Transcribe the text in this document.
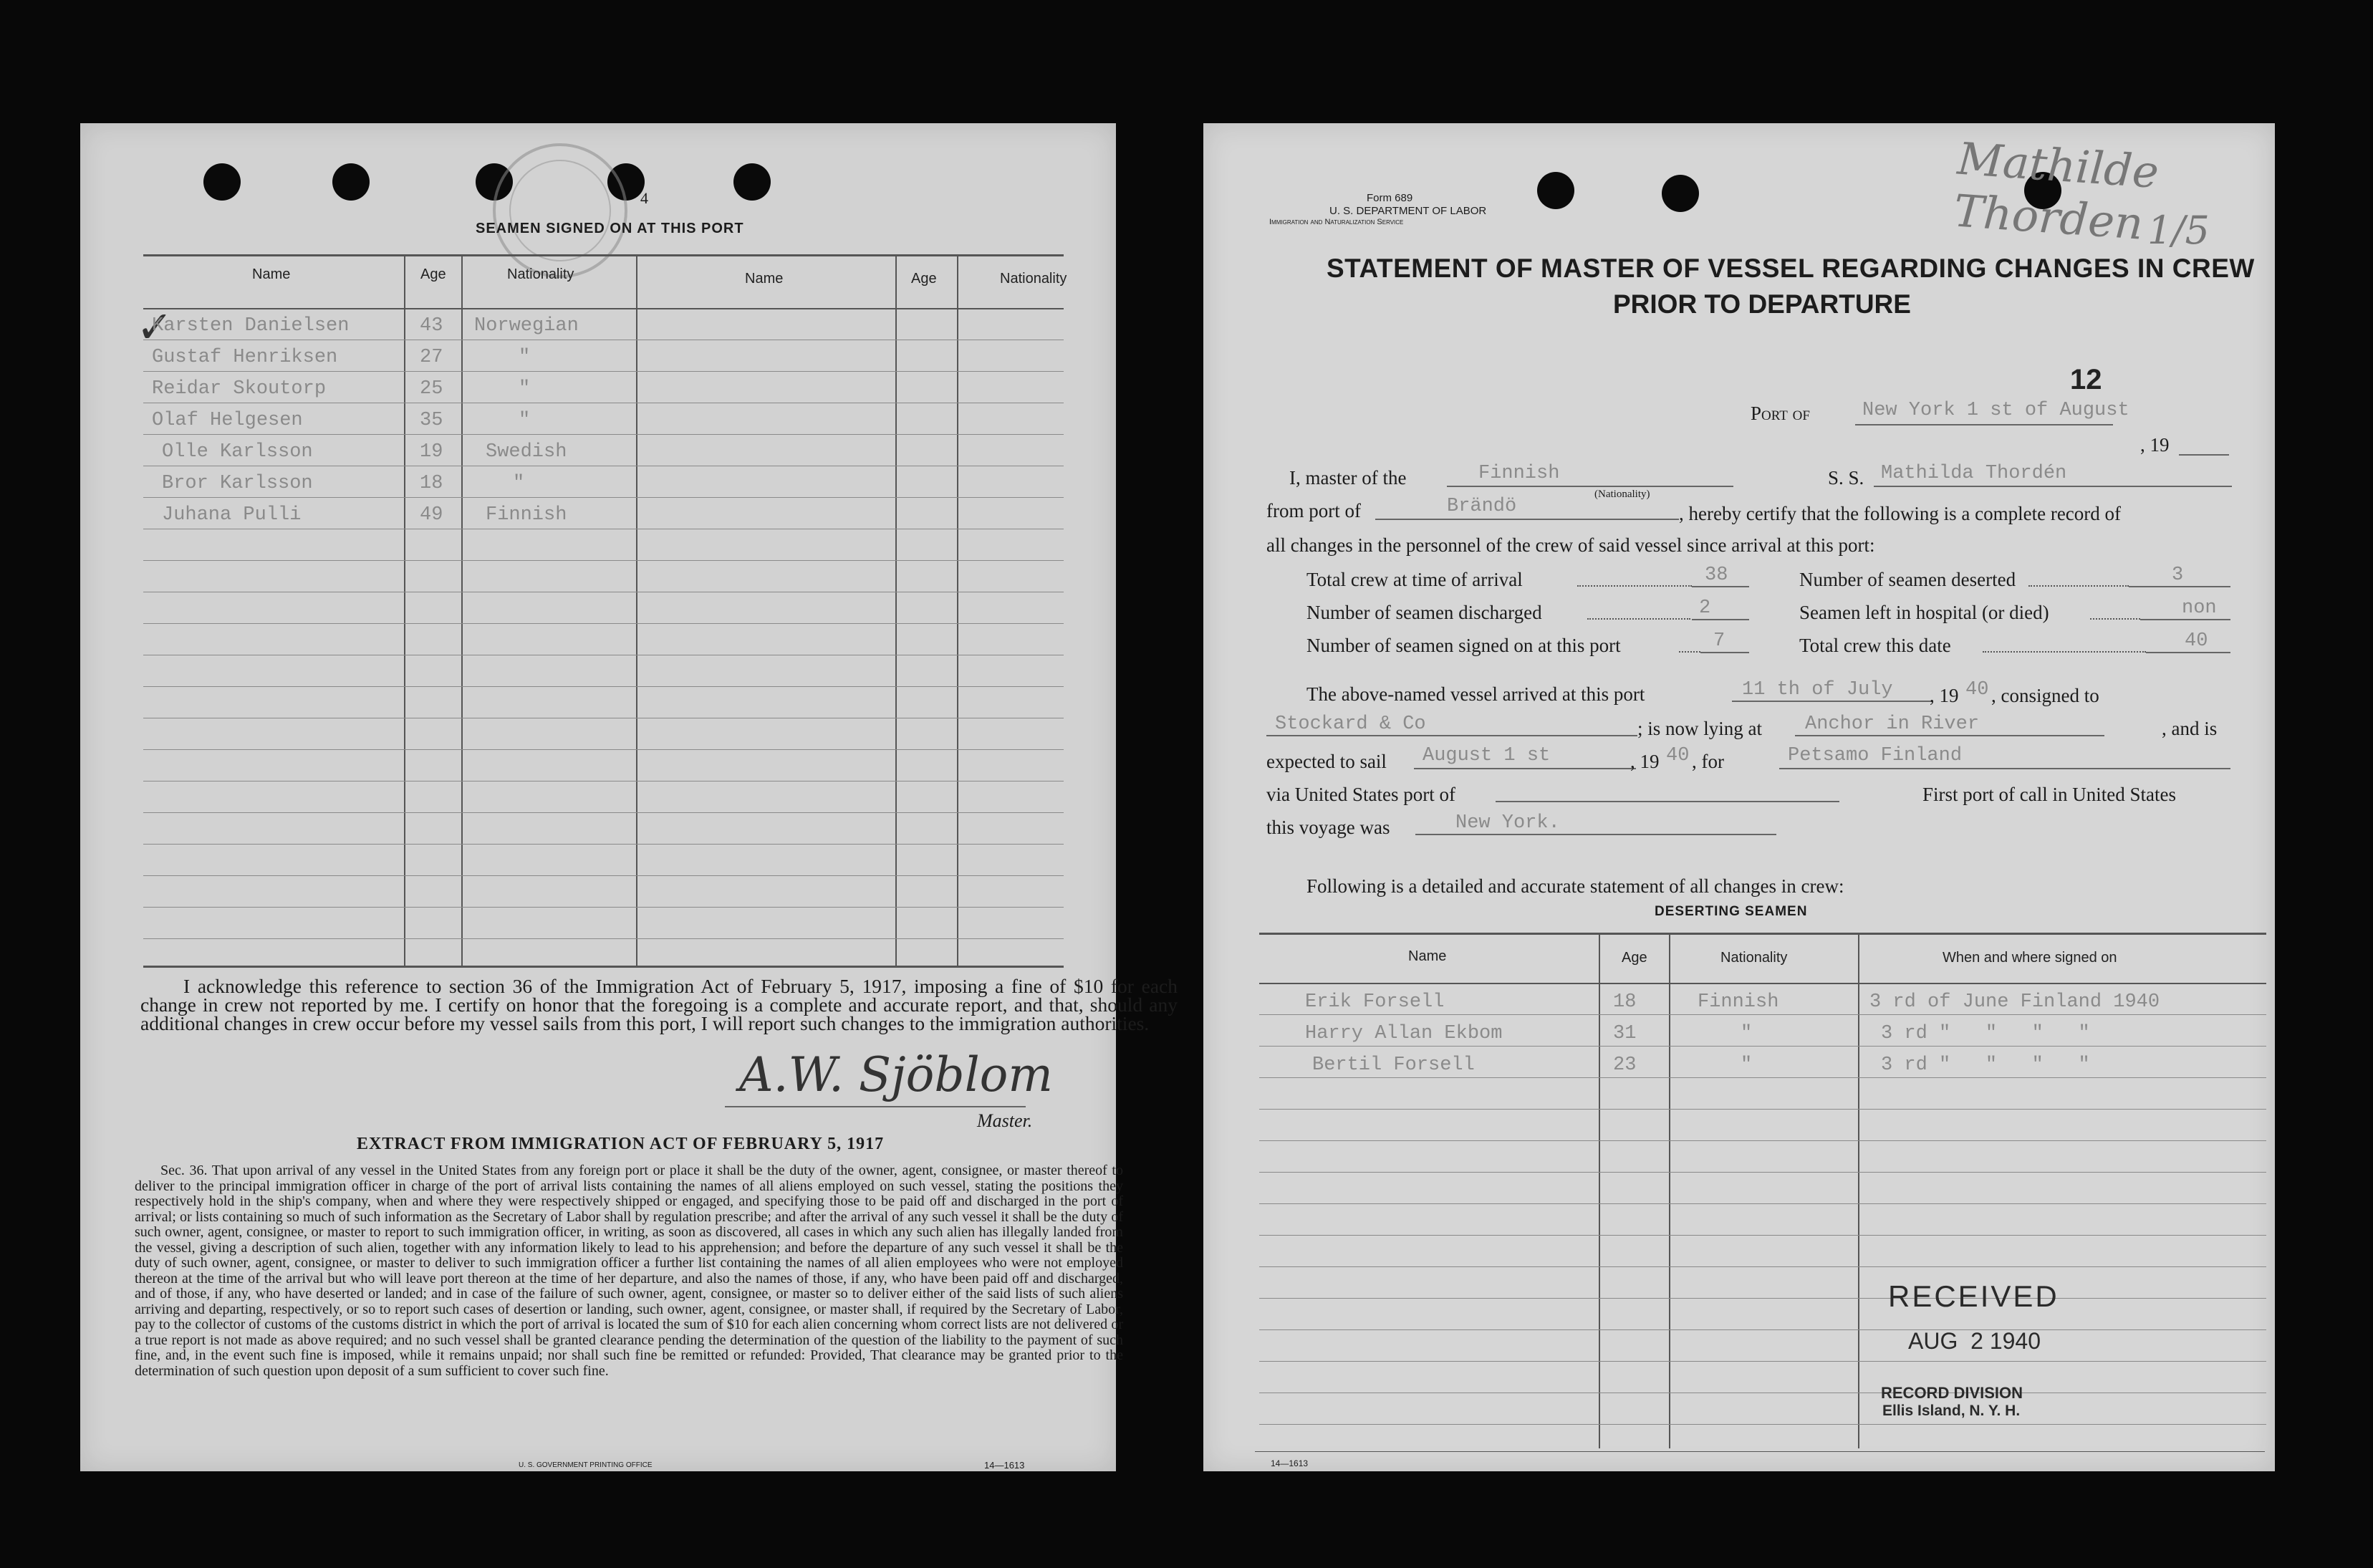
4
SEAMEN SIGNED ON AT THIS PORT
Name	Age	Nationality	Name	Age	Nationality
✓
Karsten Danielsen	43 Norwegian
Gustaf Henriksen	27	"
Reidar Skoutorp	25	"
Olaf Helgesen	35	"
Olle Karlsson	19 Swedish
Bror Karlsson	18	"
Juhana Pulli	49 Finnish
I acknowledge this reference to section 36 of the Immigration Act of February 5, 1917, imposing a fine of $10 for each change in crew not reported by me. I certify on honor that the foregoing is a complete and accurate report, and that, should any additional changes in crew occur before my vessel sails from this port, I will report such changes to the immigration authorities.
A.W. Sjöblom
Master.
EXTRACT FROM IMMIGRATION ACT OF FEBRUARY 5, 1917
Sec. 36. That upon arrival of any vessel in the United States from any foreign port or place it shall be the duty of the owner, agent, consignee, or master thereof to deliver to the principal immigration officer in charge of the port of arrival lists containing the names of all aliens employed on such vessel, stating the positions they respectively hold in the ship's company, when and where they were respectively shipped or engaged, and specifying those to be paid off and discharged in the port of arrival; or lists containing so much of such information as the Secretary of Labor shall by regulation prescribe; and after the arrival of any such vessel it shall be the duty of such owner, agent, consignee, or master to report to such immigration officer, in writing, as soon as discovered, all cases in which any such alien has illegally landed from the vessel, giving a description of such alien, together with any information likely to lead to his apprehension; and before the departure of any such vessel it shall be the duty of such owner, agent, consignee, or master to deliver to such immigration officer a further list containing the names of all alien employees who were not employed thereon at the time of the arrival but who will leave port thereon at the time of her departure, and also the names of those, if any, who have been paid off and discharged, and of those, if any, who have deserted or landed; and in case of the failure of such owner, agent, consignee, or master so to deliver either of the said lists of such aliens arriving and departing, respectively, or so to report such cases of desertion or landing, such owner, agent, consignee, or master shall, if required by the Secretary of Labor, pay to the collector of customs of the customs district in which the port of arrival is located the sum of $10 for each alien concerning whom correct lists are not delivered or a true report is not made as above required; and no such vessel shall be granted clearance pending the determination of the question of the liability to the payment of such fine, and, in the event such fine is imposed, while it remains unpaid; nor shall such fine be remitted or refunded: Provided, That clearance may be granted prior to the determination of such question upon deposit of a sum sufficient to cover such fine.
U. S. GOVERNMENT PRINTING OFFICE	14—1613
Form 689
U. S. DEPARTMENT OF LABOR
Immigration and Naturalization Service
Mathilde Thorden 1/5
STATEMENT OF MASTER OF VESSEL REGARDING CHANGES IN CREW
PRIOR TO DEPARTURE
12
Port of	New York 1 st of August
, 19
I, master of the	Finnish
(Nationality)
S. S. Mathilda Thordén
from port of	Brändö	, hereby certify that the following is a complete record of
all changes in the personnel of the crew of said vessel since arrival at this port:
Total crew at time of arrival	38	Number of seamen deserted	3
Number of seamen discharged	2	Seamen left in hospital (or died)	non
Number of seamen signed on at this port	7	Total crew this date	40
The above-named vessel arrived at this port	11 th of July , 19 40 , consigned to
Stockard & Co	; is now lying at Anchor in River	, and is
expected to sail August 1 st	, 19 40 , for	Petsamo Finland
via United States port of	First port of call in United States
this voyage was	New York.
Following is a detailed and accurate statement of all changes in crew:
DESERTING SEAMEN
Name	Age	Nationality	When and where signed on
Erik Forsell	18	Finnish	3 rd of June Finland 1940
Harry Allan Ekbom	31	"	3 rd "   "   "   "
Bertil Forsell	23	"	3 rd "   "   "   "
RECEIVED
AUG  2 1940
RECORD DIVISION
Ellis Island, N. Y. H.
14—1613
